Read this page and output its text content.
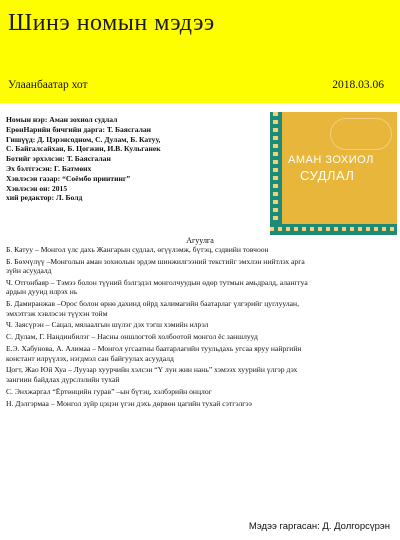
Шинэ номын мэдээ
Улаанбаатар хот	2018.03.06
Номын нэр: Аман зохиол судлал
ЕрөнНарийн бичгийн дарга: Т. Баясгалан
Гишүүд: Д. Цэрэнсодном, С. Дулам, Б. Катуу,
С. Байгалсайхан, Б. Цогжин, И.В. Кульганек
Ботийг эрхэлсэн: Т. Баясгалан
Эх бэлтгэсэн: Г. Батмөнх
Хэвлэсэн газар: “Соёмбо принтинг”
Хэвлэсэн он: 2015
хий редактор: Л. Болд
АМАН ЗОХИОЛ
СУДЛАЛ
Агуулга
Б. Катуу – Монгол үлс дахь Жангарын судлал, өгүүлэмж, бүтэц, сэдвийн товчоон
Б. Бөхчүлүү –Монголын аман зохиолын эрдэм шинжилгээний текстийг эмхлэн нийтлэх арга
зүйн асуудалд
Ч. Отгонбаяр – Тэмээ болон түүний бэлгэдэл монголчуудын өдөр тутмын амьдралд, аланггуа
ардын дууид илрэх нь
Б. Дамиранжав –Орос болон өрнө дахинд ойрд халимагийн баатарлаг үлгэрийг цуглуулан,
эмхэтгэж хэвлэсэн түүхэн тойм
Ч. Заясүрэн – Сацал, мялаалгын шүлэг дэх тэгш хэмийн илрэл
С. Дулам, Г. Нандинбилэг – Насны оншлогтой холбоотой монгол ёс заншлууд
Е.Э. Хабунова, А. Алимаа – Монгол угсаатны баатарлагийн туульдахь угсаа яруу найргийн
констант илрүүлэх, нэгдмэл сан байгуулах асуудалд
Цогт, Жао Юй Хуа – Луузар хуурчийн хэлсэн “Ү лун жин нань” хэмээх хуурийн үлгэр дэх
зангиин байдлах дүрслэлийн тухай
С. Энхжаргал “Ёртөнцийн гурав” –ын бүтэц, хэлбэрийн онцлог
Н. Дэлгэрмаа – Монгол зүйр цэцэн үгэн дэхь дөрвөн цагийн тухай сэтгэлгээ
Мэдээ гаргасан: Д. Долгорсүрэн
